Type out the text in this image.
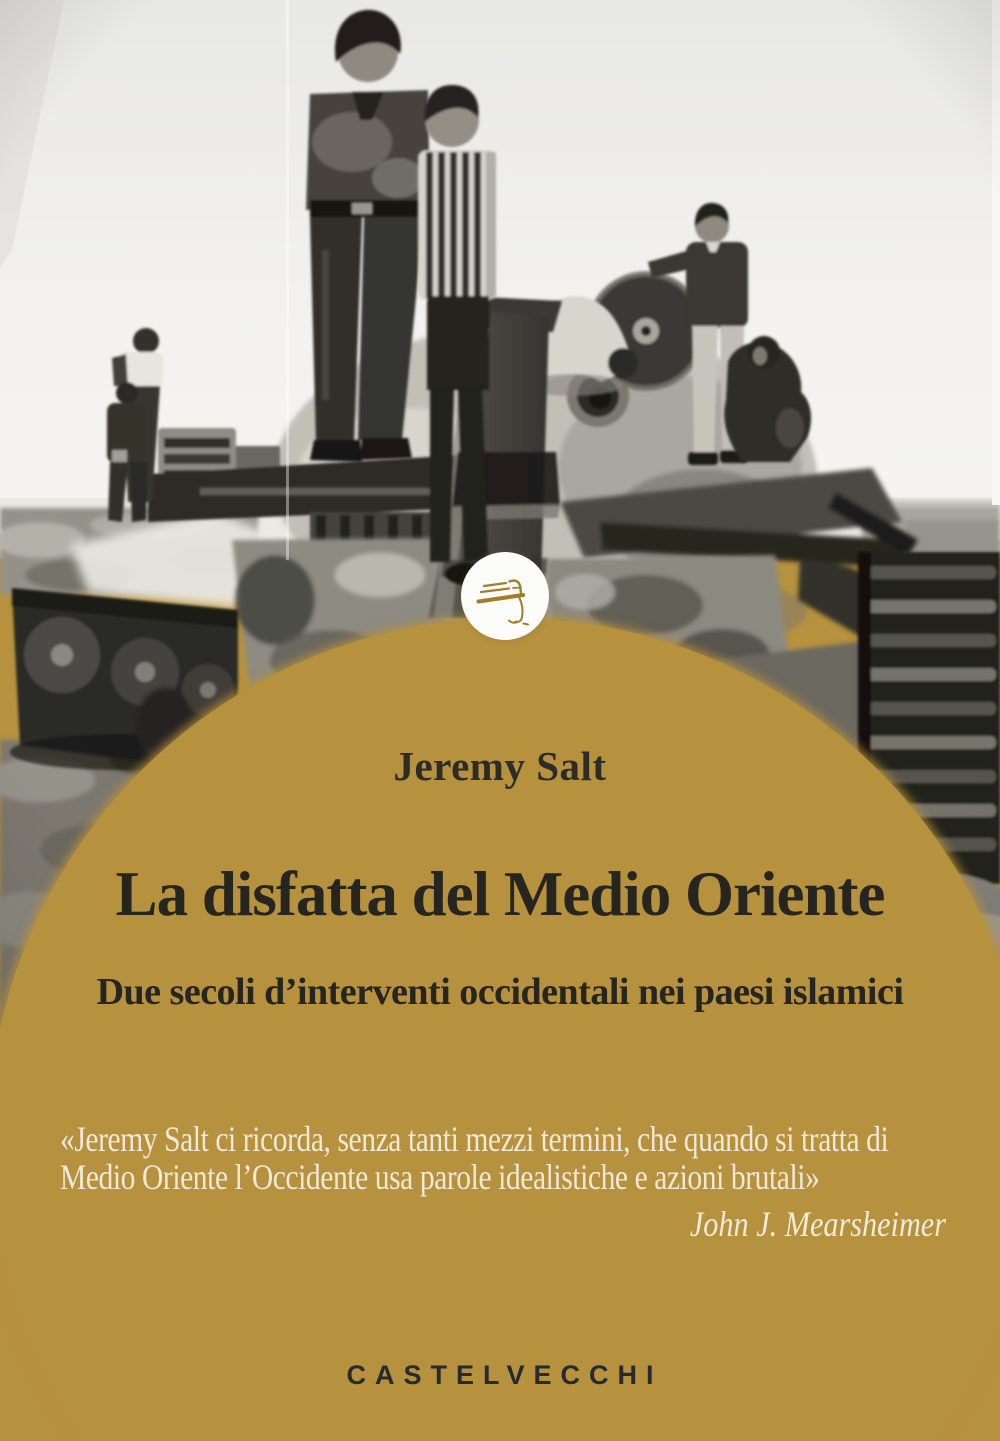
Jeremy Salt
La disfatta del Medio Oriente
Due secoli d’interventi occidentali nei paesi islamici
«Jeremy Salt ci ricorda, senza tanti mezzi termini, che quando si tratta di
Medio Oriente l’Occidente usa parole idealistiche e azioni brutali»
John J. Mearsheimer
CASTELVECCHI
